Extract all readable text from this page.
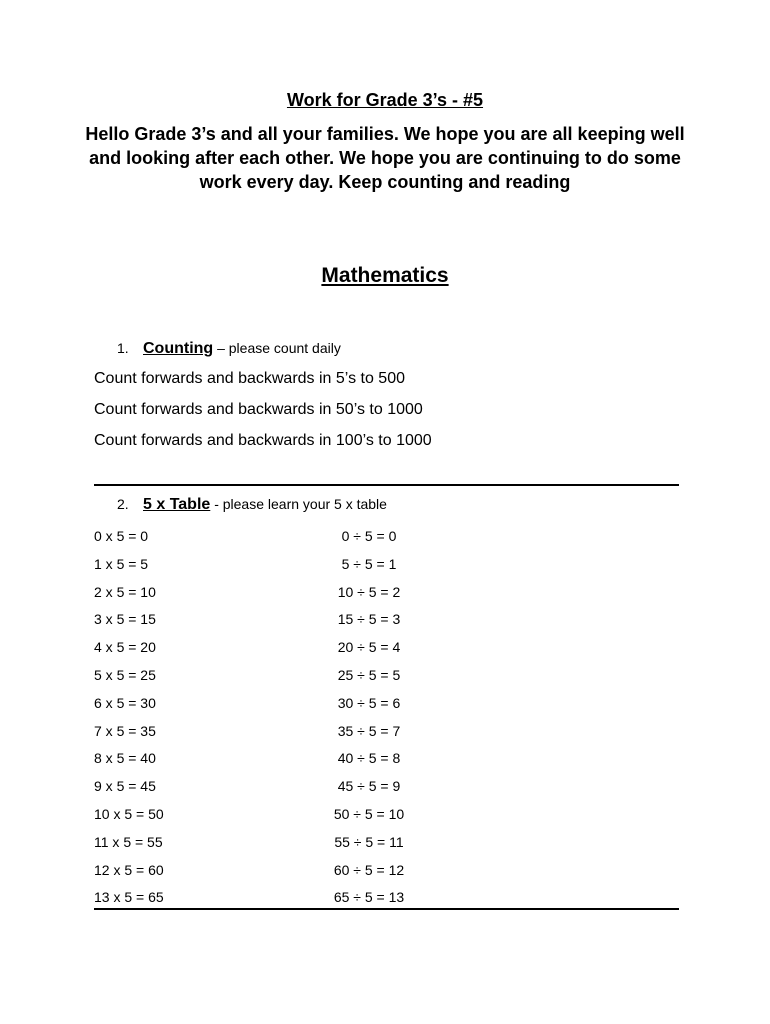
Work for Grade 3’s - #5
Hello Grade 3’s and all your families. We hope you are all keeping well and looking after each other. We hope you are continuing to do some work every day. Keep counting and reading
Mathematics
1. Counting – please count daily
Count forwards and backwards in 5’s to 500
Count forwards and backwards in 50’s to 1000
Count forwards and backwards in 100’s to 1000
2. 5 x Table - please learn your 5 x table
0 x 5 = 0	0 ÷ 5 = 0
1 x 5 = 5	5 ÷ 5 = 1
2 x 5 = 10	10 ÷ 5 = 2
3 x 5 = 15	15 ÷ 5 = 3
4 x 5 = 20	20 ÷ 5 = 4
5 x 5 = 25	25 ÷ 5 = 5
6 x 5 = 30	30 ÷ 5 = 6
7 x 5 = 35	35 ÷ 5 = 7
8 x 5 = 40	40 ÷ 5 = 8
9 x 5 = 45	45 ÷ 5 = 9
10 x 5 = 50	50 ÷ 5 = 10
11 x 5 = 55	55 ÷ 5 = 11
12 x 5 = 60	60 ÷ 5 = 12
13 x 5 = 65	65 ÷ 5 = 13
